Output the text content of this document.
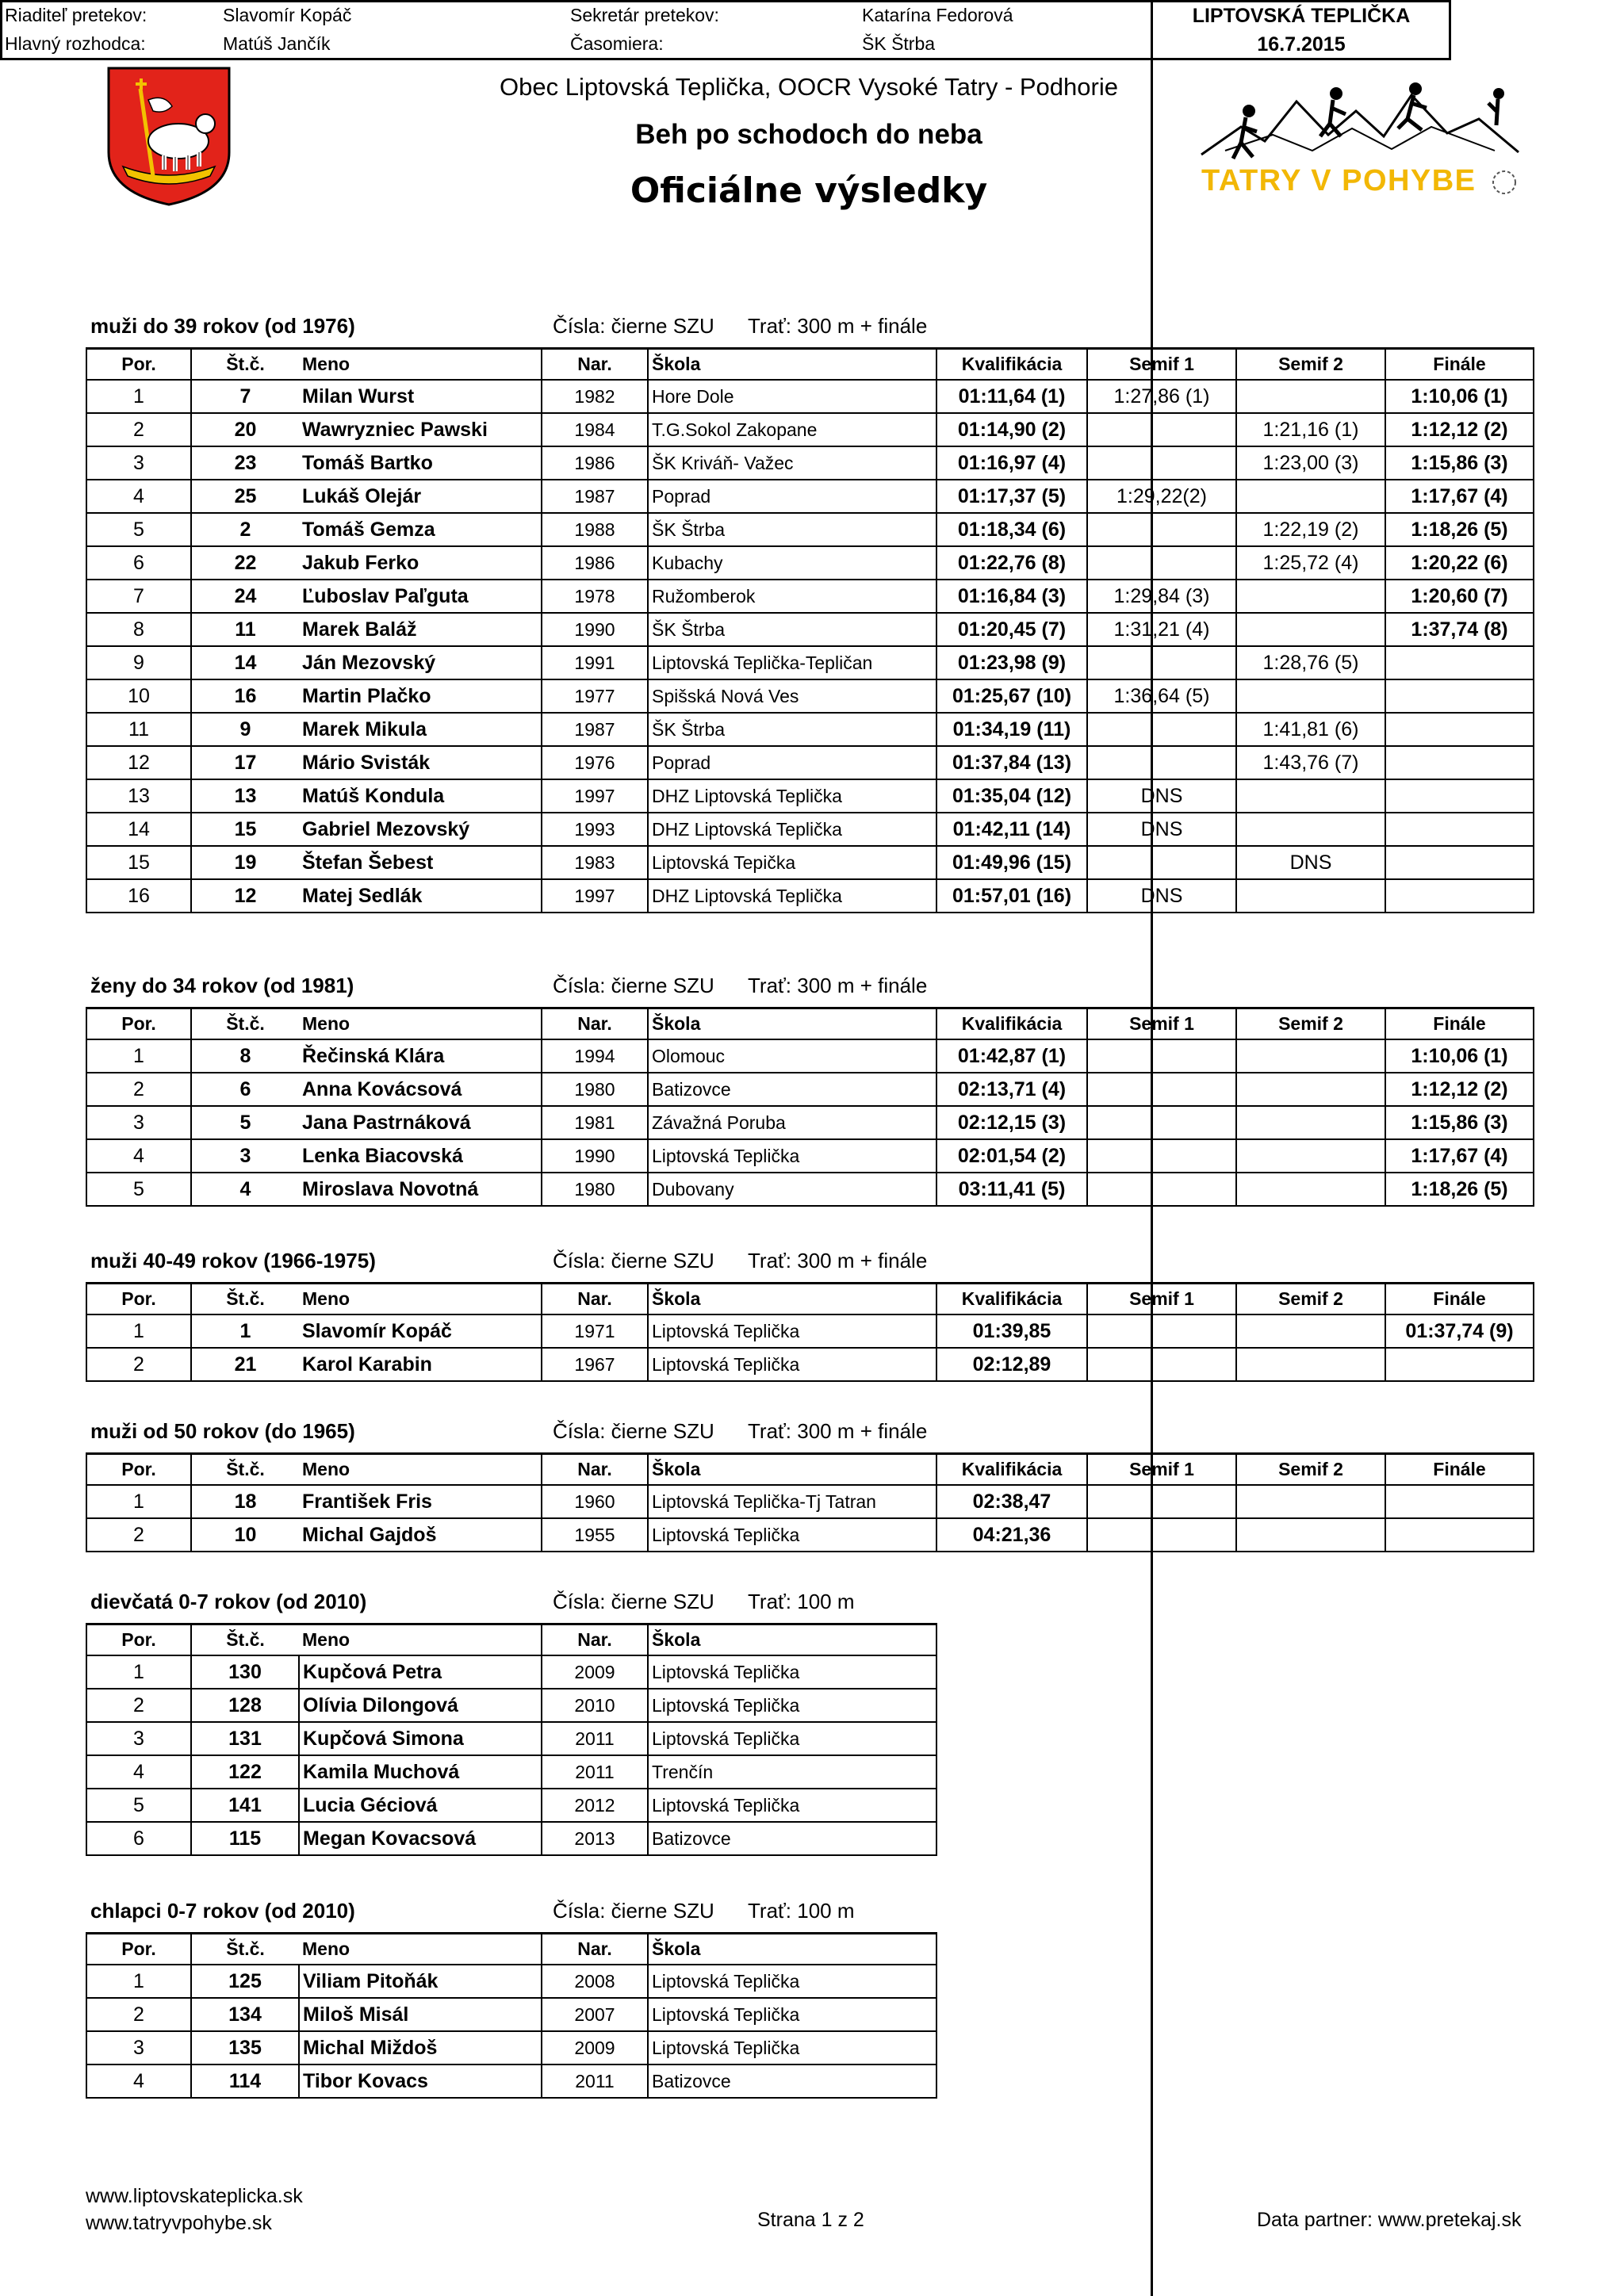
TATRY V POHYBE
Obec Liptovská Teplička, OOCR Vysoké Tatry - Podhorie
Beh po schodoch do neba
Oficiálne výsledky
Riaditeľ pretekov:	Slavomír Kopáč	Sekretár pretekov:	Katarína Fedorová
Hlavný rozhodca:	Matúš Jančík	Časomiera:	ŠK Štrba
LIPTOVSKÁ TEPLIČKA
16.7.2015
muži do 39 rokov (od 1976)	Čísla: čierne SZU Trať: 300 m + finále
Por.	Št.č.	Meno	Nar.	Škola	Kvalifikácia	Semif 1	Semif 2	Finále
1	7	Milan Wurst	1982	Hore Dole	01:11,64 (1)	1:27,86 (1)		1:10,06 (1)
2	20	Wawryzniec Pawski	1984	T.G.Sokol Zakopane	01:14,90 (2)		1:21,16 (1)	1:12,12 (2)
3	23	Tomáš Bartko	1986	ŠK Kriváň- Važec	01:16,97 (4)		1:23,00 (3)	1:15,86 (3)
4	25	Lukáš Olejár	1987	Poprad	01:17,37 (5)	1:29,22(2)		1:17,67 (4)
5	2	Tomáš Gemza	1988	ŠK Štrba	01:18,34 (6)		1:22,19 (2)	1:18,26 (5)
6	22	Jakub Ferko	1986	Kubachy	01:22,76 (8)		1:25,72 (4)	1:20,22 (6)
7	24	Ľuboslav Paľguta	1978	Ružomberok	01:16,84 (3)	1:29,84 (3)		1:20,60 (7)
8	11	Marek Baláž	1990	ŠK Štrba	01:20,45 (7)	1:31,21 (4)		1:37,74 (8)
9	14	Ján Mezovský	1991	Liptovská Teplička-Tepličan	01:23,98 (9)		1:28,76 (5)	
10	16	Martin Plačko	1977	Spišská Nová Ves	01:25,67 (10)	1:36,64 (5)		
11	9	Marek Mikula	1987	ŠK Štrba	01:34,19 (11)		1:41,81 (6)	
12	17	Mário Svisták	1976	Poprad	01:37,84 (13)		1:43,76 (7)	
13	13	Matúš Kondula	1997	DHZ Liptovská Teplička	01:35,04 (12)	DNS		
14	15	Gabriel Mezovský	1993	DHZ Liptovská Teplička	01:42,11 (14)	DNS		
15	19	Štefan Šebest	1983	Liptovská Tepička	01:49,96 (15)		DNS	
16	12	Matej Sedlák	1997	DHZ Liptovská Teplička	01:57,01 (16)	DNS		
ženy do 34 rokov (od 1981)	Čísla: čierne SZU Trať: 300 m + finále
Por.	Št.č.	Meno	Nar.	Škola	Kvalifikácia	Semif 1	Semif 2	Finále
1	8	Řečinská Klára	1994	Olomouc	01:42,87 (1)			1:10,06 (1)
2	6	Anna Kovácsová	1980	Batizovce	02:13,71 (4)			1:12,12 (2)
3	5	Jana Pastrnáková	1981	Závažná Poruba	02:12,15 (3)			1:15,86 (3)
4	3	Lenka Biacovská	1990	Liptovská Teplička	02:01,54 (2)			1:17,67 (4)
5	4	Miroslava Novotná	1980	Dubovany	03:11,41 (5)			1:18,26 (5)
muži 40-49 rokov (1966-1975)	Čísla: čierne SZU Trať: 300 m + finále
Por.	Št.č.	Meno	Nar.	Škola	Kvalifikácia	Semif 1	Semif 2	Finále
1	1	Slavomír Kopáč	1971	Liptovská Teplička	01:39,85			01:37,74 (9)
2	21	Karol Karabin	1967	Liptovská Teplička	02:12,89			
muži od 50 rokov (do 1965)	Čísla: čierne SZU Trať: 300 m + finále
Por.	Št.č.	Meno	Nar.	Škola	Kvalifikácia	Semif 1	Semif 2	Finále
1	18	František Fris	1960	Liptovská Teplička-Tj Tatran	02:38,47			
2	10	Michal Gajdoš	1955	Liptovská Teplička	04:21,36			
dievčatá 0-7 rokov (od 2010)	Čísla: čierne SZU Trať: 100 m
Por.	Št.č.	Meno	Nar.	Škola
1	130	Kupčová Petra	2009	Liptovská Teplička
2	128	Olívia Dilongová	2010	Liptovská Teplička
3	131	Kupčová Simona	2011	Liptovská Teplička
4	122	Kamila Muchová	2011	Trenčín
5	141	Lucia Géciová	2012	Liptovská Teplička
6	115	Megan Kovacsová	2013	Batizovce
chlapci 0-7 rokov (od 2010)	Čísla: čierne SZU Trať: 100 m
Por.	Št.č.	Meno	Nar.	Škola
1	125	Viliam Pitoňák	2008	Liptovská Teplička
2	134	Miloš Misál	2007	Liptovská Teplička
3	135	Michal Miždoš	2009	Liptovská Teplička
4	114	Tibor Kovacs	2011	Batizovce
www.liptovskateplicka.sk
www.tatryvpohybe.sk	Strana 1 z 2	Data partner: www.pretekaj.sk
